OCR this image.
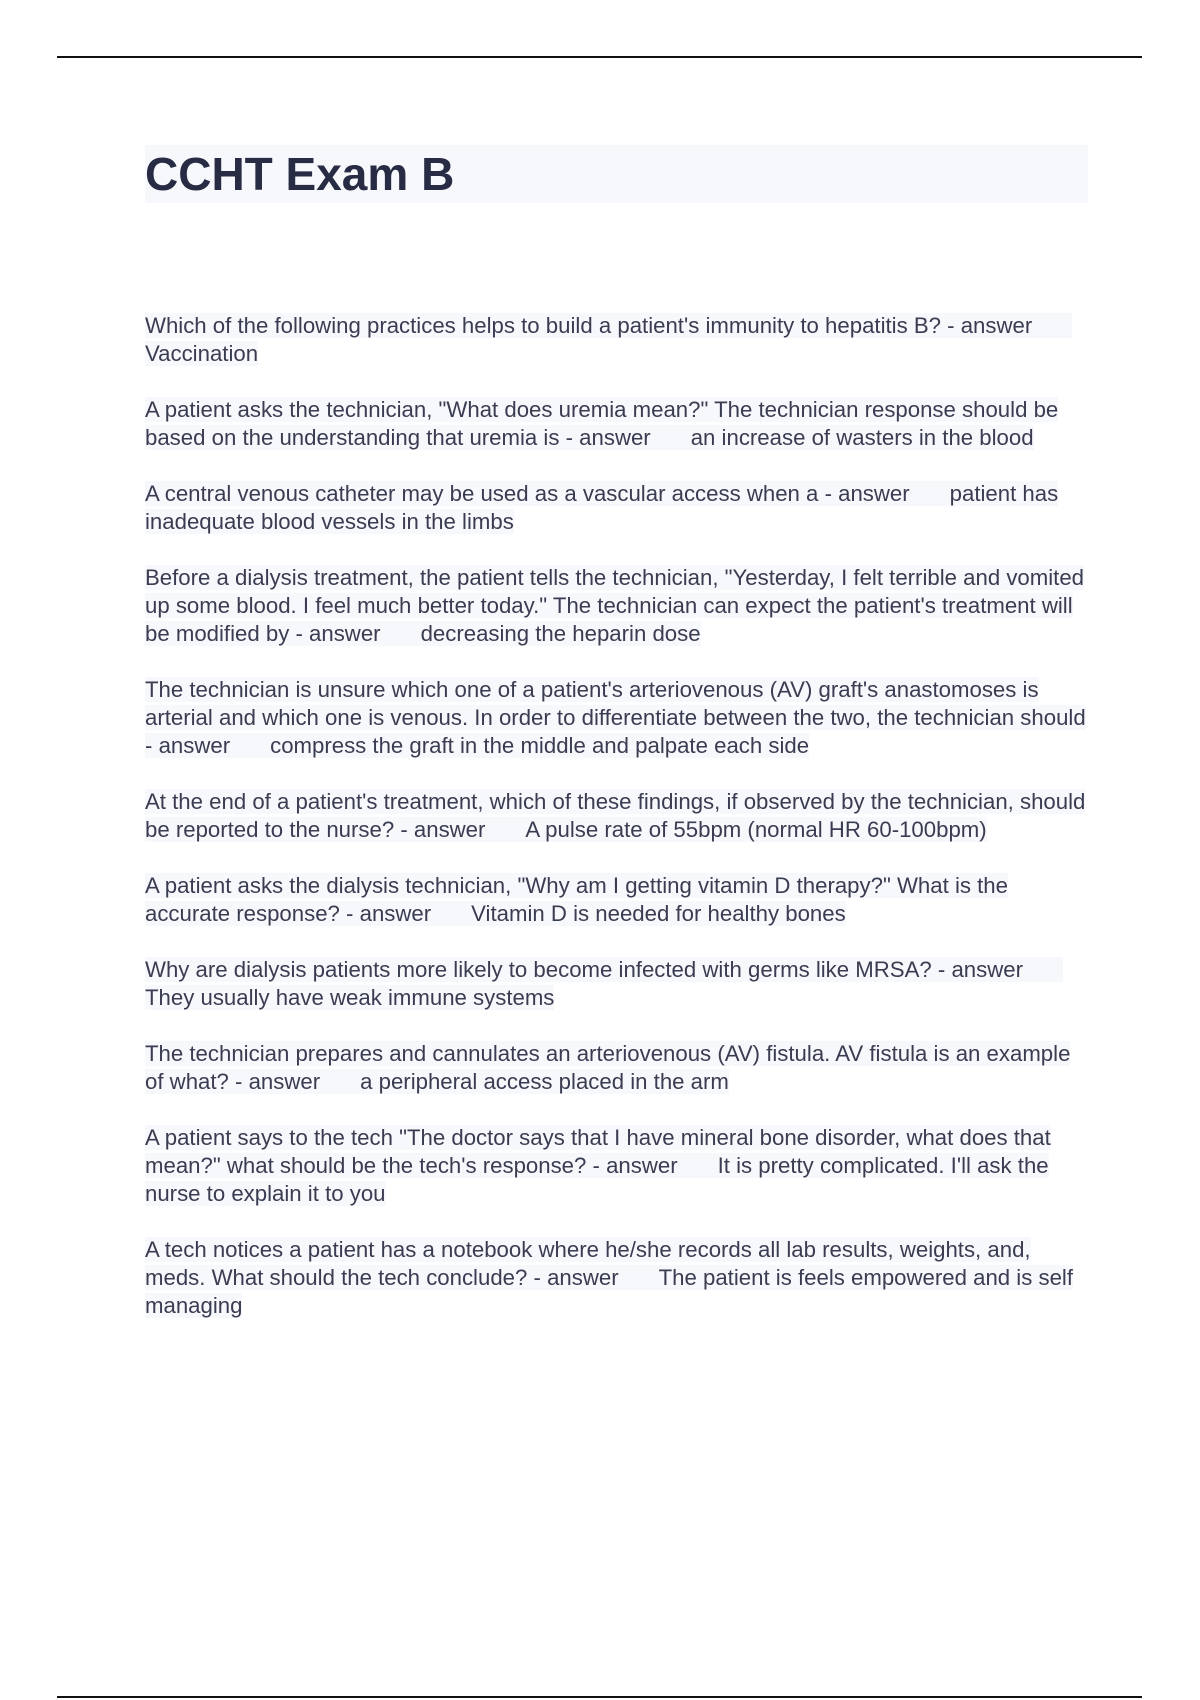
CCHT Exam B
Which of the following practices helps to build a patient's immunity to hepatitis B? - answerVaccination
A patient asks the technician, "What does uremia mean?" The technician response should be based on the understanding that uremia is - answer an increase of wasters in the blood
A central venous catheter may be used as a vascular access when a - answer patient has inadequate blood vessels in the limbs
Before a dialysis treatment, the patient tells the technician, "Yesterday, I felt terrible and vomited up some blood. I feel much better today." The technician can expect the patient's treatment will be modified by - answer decreasing the heparin dose
The technician is unsure which one of a patient's arteriovenous (AV) graft's anastomoses is arterial and which one is venous. In order to differentiate between the two, the technician should - answer compress the graft in the middle and palpate each side
At the end of a patient's treatment, which of these findings, if observed by the technician, should be reported to the nurse? - answer A pulse rate of 55bpm (normal HR 60-100bpm)
A patient asks the dialysis technician, "Why am I getting vitamin D therapy?" What is the accurate response? - answer Vitamin D is needed for healthy bones
Why are dialysis patients more likely to become infected with germs like MRSA? - answerThey usually have weak immune systems
The technician prepares and cannulates an arteriovenous (AV) fistula. AV fistula is an example of what? - answer a peripheral access placed in the arm
A patient says to the tech "The doctor says that I have mineral bone disorder, what does that mean?" what should be the tech's response? - answer It is pretty complicated. I'll ask the nurse to explain it to you
A tech notices a patient has a notebook where he/she records all lab results, weights, and, meds. What should the tech conclude? - answer The patient is feels empowered and is self managing
